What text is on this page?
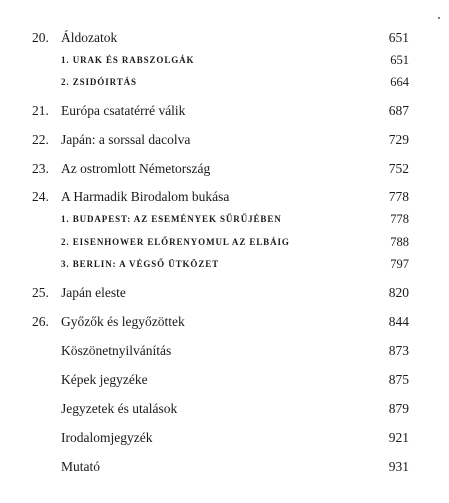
20. Áldozatok	651
1. URAK ÉS RABSZOLGÁK	651
2. ZSIDÓIRTÁS	664
21. Európa csatatérré válik	687
22. Japán: a sorssal dacolva	729
23. Az ostromlott Németország	752
24. A Harmadik Birodalom bukása	778
1. BUDAPEST: AZ ESEMÉNYEK SŰRŰJÉBEN	778
2. EISENHOWER ELŐRENYOMUL AZ ELBÁIG	788
3. BERLIN: A VÉGSŐ ÜTKÖZET	797
25. Japán eleste	820
26. Győzők és legyőzöttek	844
Köszönetnyilvánítás	873
Képek jegyzéke	875
Jegyzetek és utalások	879
Irodalomjegyzék	921
Mutató	931
